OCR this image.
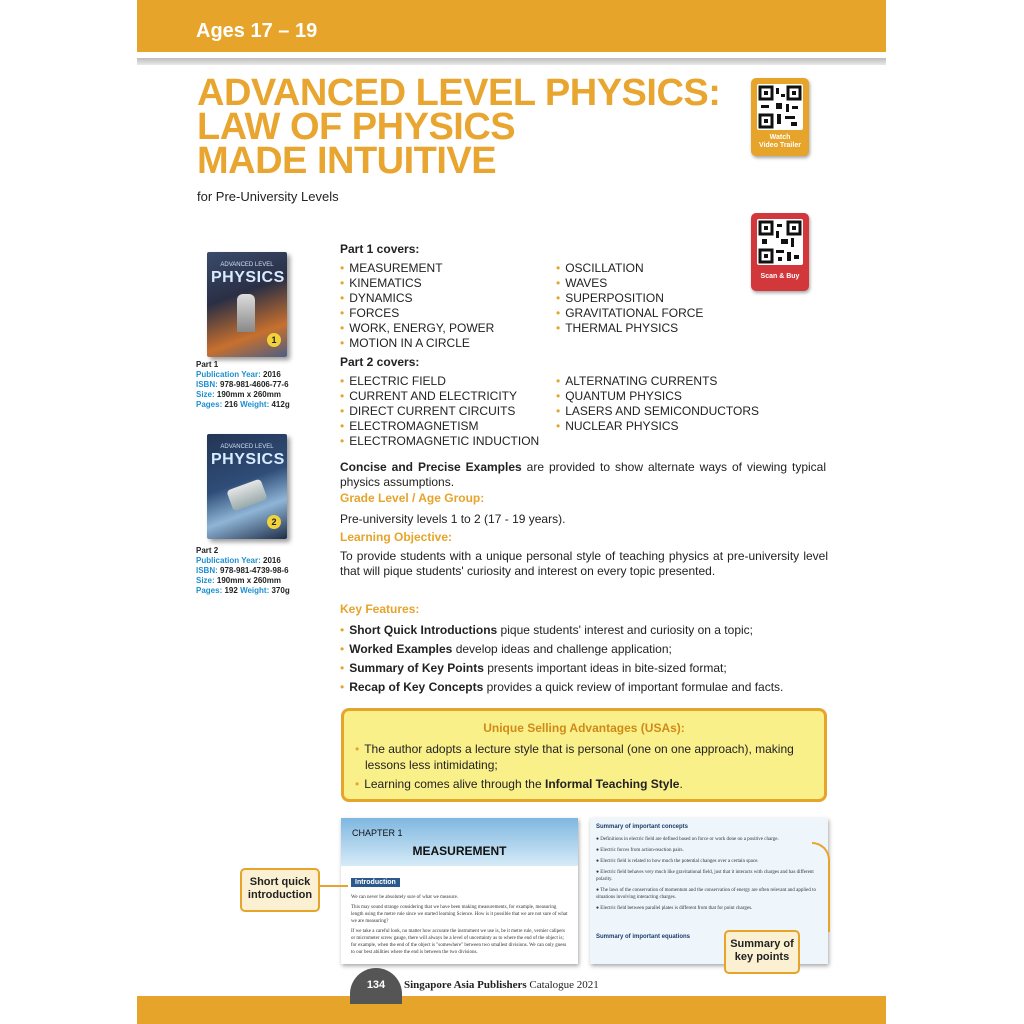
Ages 17 – 19
ADVANCED LEVEL PHYSICS:
LAW OF PHYSICS
MADE INTUITIVE
for Pre-University Levels
Watch
Video Trailer
Scan & Buy
ADVANCED LEVEL
PHYSICS
1
Part 1
Publication Year: 2016
ISBN: 978-981-4606-77-6
Size: 190mm x 260mm
Pages: 216 Weight: 412g
ADVANCED LEVEL
PHYSICS
2
Part 2
Publication Year: 2016
ISBN: 978-981-4739-98-6
Size: 190mm x 260mm
Pages: 192 Weight: 370g
Part 1 covers:
• MEASUREMENT
• KINEMATICS
• DYNAMICS
• FORCES
• WORK, ENERGY, POWER
• MOTION IN A CIRCLE
• OSCILLATION
• WAVES
• SUPERPOSITION
• GRAVITATIONAL FORCE
• THERMAL PHYSICS
Part 2 covers:
• ELECTRIC FIELD
• CURRENT AND ELECTRICITY
• DIRECT CURRENT CIRCUITS
• ELECTROMAGNETISM
• ELECTROMAGNETIC INDUCTION
• ALTERNATING CURRENTS
• QUANTUM PHYSICS
• LASERS AND SEMICONDUCTORS
• NUCLEAR PHYSICS
Concise and Precise Examples are provided to show alternate ways of viewing typical physics assumptions.
Grade Level / Age Group:
Pre-university levels 1 to 2 (17 - 19 years).
Learning Objective:
To provide students with a unique personal style of teaching physics at pre-university level that will pique students' curiosity and interest on every topic presented.
Key Features:
• Short Quick Introductions pique students' interest and curiosity on a topic;
• Worked Examples develop ideas and challenge application;
• Summary of Key Points presents important ideas in bite-sized format;
• Recap of Key Concepts provides a quick review of important formulae and facts.
Unique Selling Advantages (USAs):
• The author adopts a lecture style that is personal (one on one approach), making lessons less intimidating;
• Learning comes alive through the Informal Teaching Style.
CHAPTER 1
MEASUREMENT
Introduction
We can never be absolutely sure of what we measure.
This may sound strange considering that we have been making measurements, for example, measuring length using the metre rule since we started learning Science. How is it possible that we are not sure of what we are measuring?
If we take a careful look, no matter how accurate the instrument we use is, be it metre rule, vernier calipers or micrometer screw gauge, there will always be a level of uncertainty as to where the end of the object is; for example, when the end of the object is "somewhere" between two smallest divisions. We can only guess to our best abilities where the end is between the two divisions.
Summary of important concepts
● Definitions in electric field are defined based on force or work done on a positive charge.
● Electric forces from action-reaction pairs.
● Electric field is related to how much the potential changes over a certain space.
● Electric field behaves very much like gravitational field, just that it interacts with charges and has different polarity.
● The laws of the conservation of momentum and the conservation of energy are often relevant and applied to situations involving interacting charges.
● Electric field between parallel plates is different from that for point charges.
Summary of important equations
Short quick
introduction
Summary of
key points
134	Singapore Asia Publishers Catalogue 2021
